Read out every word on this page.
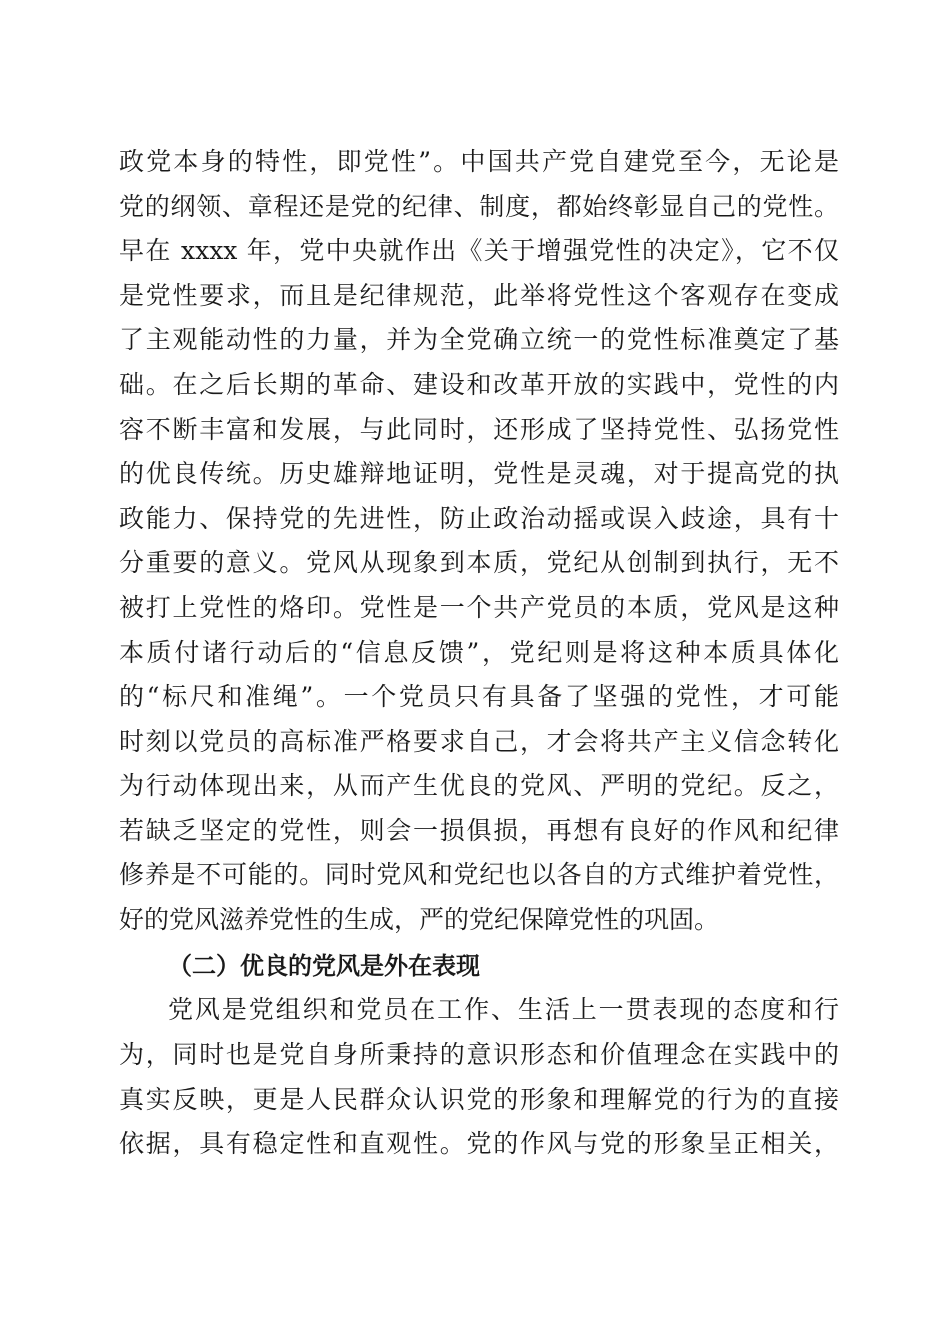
政党本身的特性，即党性”。中国共产党自建党至今，无论是
党的纲领、章程还是党的纪律、制度，都始终彰显自己的党性。
早在 xxxx 年，党中央就作出《关于增强党性的决定》，它不仅
是党性要求，而且是纪律规范，此举将党性这个客观存在变成
了主观能动性的力量，并为全党确立统一的党性标准奠定了基
础。在之后长期的革命、建设和改革开放的实践中，党性的内
容不断丰富和发展，与此同时，还形成了坚持党性、弘扬党性
的优良传统。历史雄辩地证明，党性是灵魂，对于提高党的执
政能力、保持党的先进性，防止政治动摇或误入歧途，具有十
分重要的意义。党风从现象到本质，党纪从创制到执行，无不
被打上党性的烙印。党性是一个共产党员的本质，党风是这种
本质付诸行动后的“信息反馈”，党纪则是将这种本质具体化
的“标尺和准绳”。一个党员只有具备了坚强的党性，才可能
时刻以党员的高标准严格要求自己，才会将共产主义信念转化
为行动体现出来，从而产生优良的党风、严明的党纪。反之，
若缺乏坚定的党性，则会一损俱损，再想有良好的作风和纪律
修养是不可能的。同时党风和党纪也以各自的方式维护着党性，
好的党风滋养党性的生成，严的党纪保障党性的巩固。
（二）优良的党风是外在表现
党风是党组织和党员在工作、生活上一贯表现的态度和行
为，同时也是党自身所秉持的意识形态和价值理念在实践中的
真实反映，更是人民群众认识党的形象和理解党的行为的直接
依据，具有稳定性和直观性。党的作风与党的形象呈正相关，
